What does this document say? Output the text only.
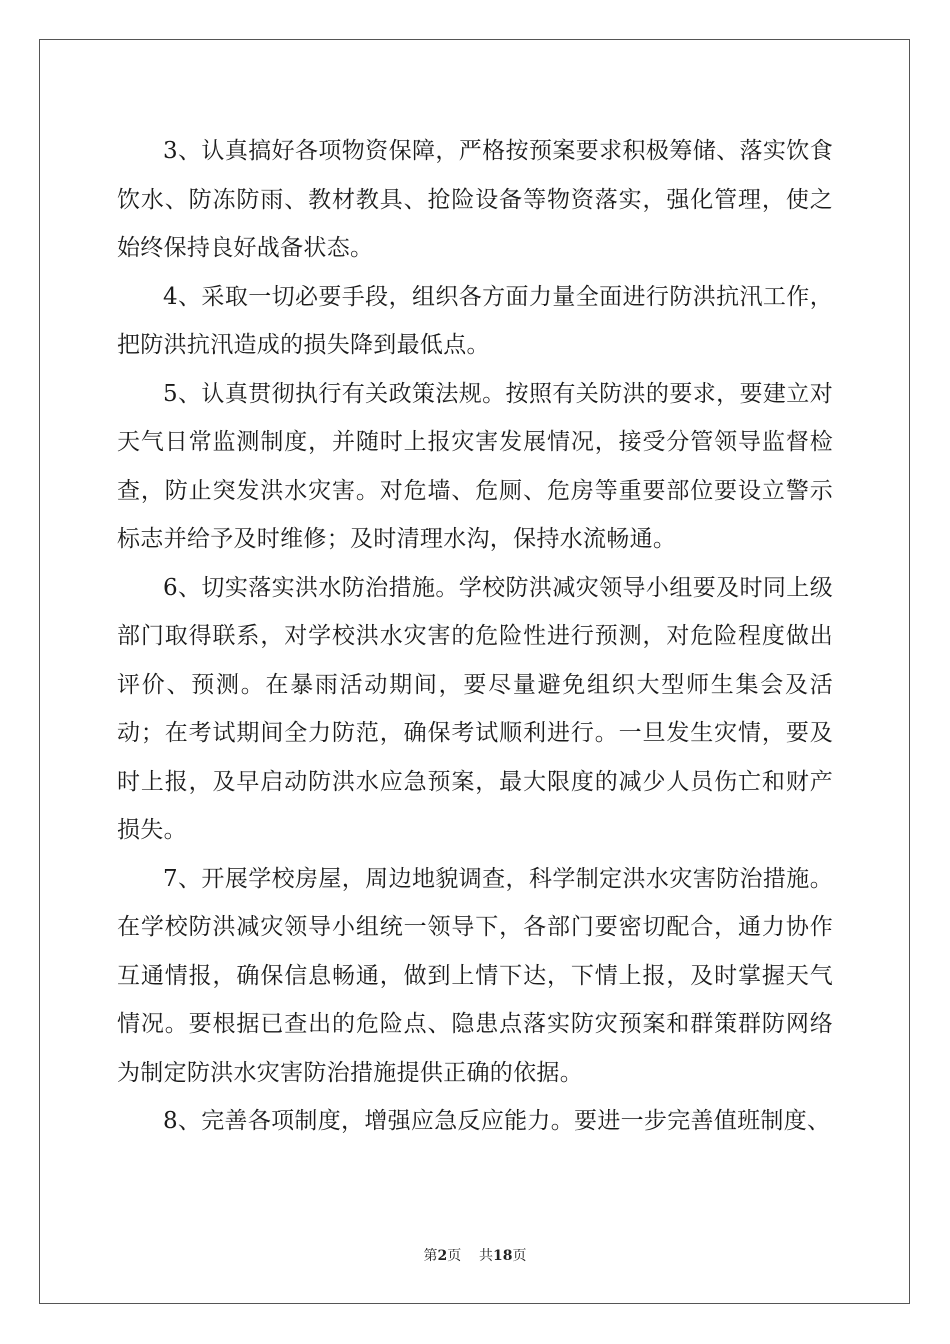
3、认真搞好各项物资保障，严格按预案要求积极筹储、落实饮食饮水、防冻防雨、教材教具、抢险设备等物资落实，强化管理，使之始终保持良好战备状态。

4、采取一切必要手段，组织各方面力量全面进行防洪抗汛工作，把防洪抗汛造成的损失降到最低点。

5、认真贯彻执行有关政策法规。按照有关防洪的要求，要建立对天气日常监测制度，并随时上报灾害发展情况，接受分管领导监督检查，防止突发洪水灾害。对危墙、危厕、危房等重要部位要设立警示标志并给予及时维修；及时清理水沟，保持水流畅通。

6、切实落实洪水防治措施。学校防洪减灾领导小组要及时同上级部门取得联系，对学校洪水灾害的危险性进行预测，对危险程度做出评价、预测。在暴雨活动期间，要尽量避免组织大型师生集会及活动；在考试期间全力防范，确保考试顺利进行。一旦发生灾情，要及时上报，及早启动防洪水应急预案，最大限度的减少人员伤亡和财产损失。

7、开展学校房屋，周边地貌调查，科学制定洪水灾害防治措施。在学校防洪减灾领导小组统一领导下，各部门要密切配合，通力协作互通情报，确保信息畅通，做到上情下达，下情上报，及时掌握天气情况。要根据已查出的危险点、隐患点落实防灾预案和群策群防网络为制定防洪水灾害防治措施提供正确的依据。

8、完善各项制度，增强应急反应能力。要进一步完善值班制度、

第2页 共18页
